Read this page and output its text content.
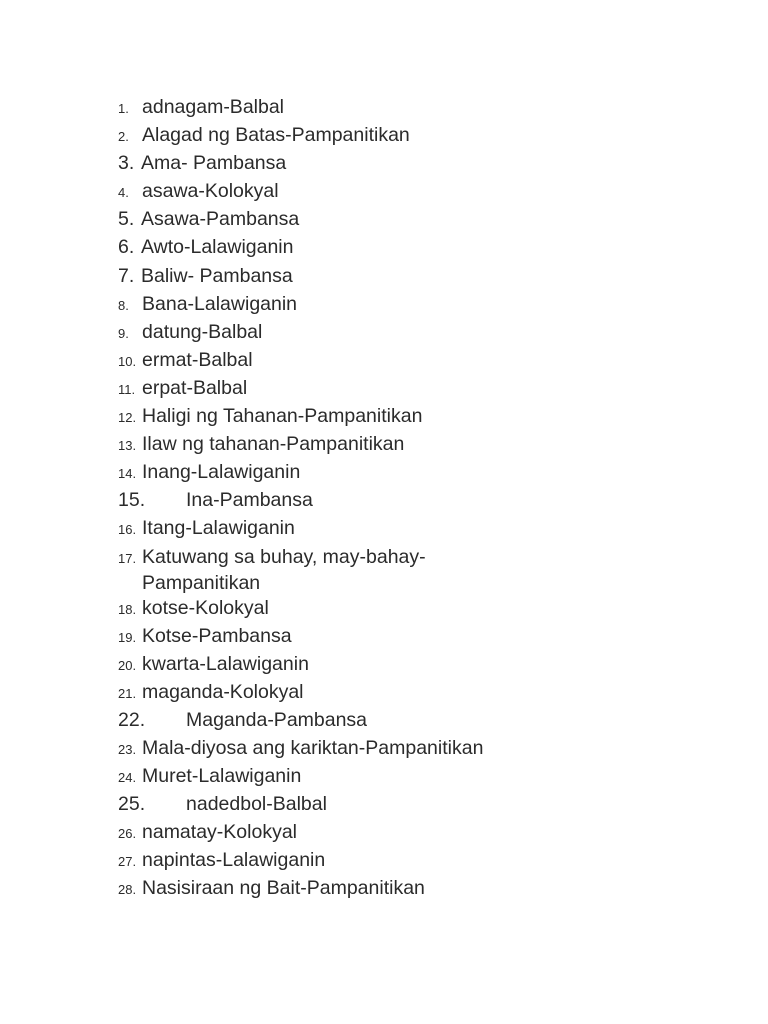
1. adnagam-Balbal
2. Alagad ng Batas-Pampanitikan
3. Ama- Pambansa
4. asawa-Kolokyal
5. Asawa-Pambansa
6. Awto-Lalawiganin
7. Baliw- Pambansa
8. Bana-Lalawiganin
9. datung-Balbal
10. ermat-Balbal
11. erpat-Balbal
12. Haligi ng Tahanan-Pampanitikan
13. Ilaw ng tahanan-Pampanitikan
14. Inang-Lalawiganin
15. Ina-Pambansa
16. Itang-Lalawiganin
17. Katuwang sa buhay, may-bahay-
Pampanitikan
18. kotse-Kolokyal
19. Kotse-Pambansa
20. kwarta-Lalawiganin
21. maganda-Kolokyal
22. Maganda-Pambansa
23. Mala-diyosa ang kariktan-Pampanitikan
24. Muret-Lalawiganin
25. nadedbol-Balbal
26. namatay-Kolokyal
27. napintas-Lalawiganin
28. Nasisiraan ng Bait-Pampanitikan
